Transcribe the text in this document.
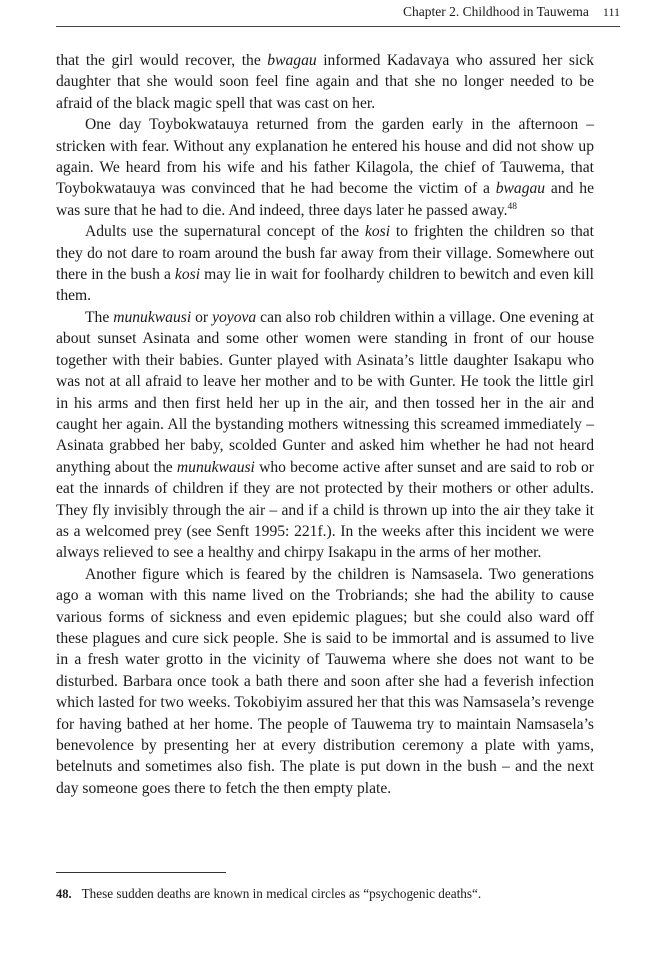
Chapter 2. Childhood in Tauwema 111

that the girl would recover, the bwagau informed Kadavaya who assured her sick daughter that she would soon feel fine again and that she no longer needed to be afraid of the black magic spell that was cast on her.

One day Toybokwatauya returned from the garden early in the afternoon – stricken with fear. Without any explanation he entered his house and did not show up again. We heard from his wife and his father Kilagola, the chief of Tauwema, that Toybokwatauya was convinced that he had become the victim of a bwagau and he was sure that he had to die. And indeed, three days later he passed away.$^{48}$

Adults use the supernatural concept of the kosi to frighten the children so that they do not dare to roam around the bush far away from their village. Somewhere out there in the bush a kosi may lie in wait for foolhardy children to bewitch and even kill them.

The munukwausi or yoyova can also rob children within a village. One evening at about sunset Asinata and some other women were standing in front of our house together with their babies. Gunter played with Asinata’s little daughter Isakapu who was not at all afraid to leave her mother and to be with Gunter. He took the little girl in his arms and then first held her up in the air, and then tossed her in the air and caught her again. All the bystanding mothers witnessing this screamed immediately – Asinata grabbed her baby, scolded Gunter and asked him whether he had not heard anything about the munukwausi who become active after sunset and are said to rob or eat the innards of children if they are not protected by their mothers or other adults. They fly invisibly through the air – and if a child is thrown up into the air they take it as a welcomed prey (see Senft 1995: 221f.). In the weeks after this incident we were always relieved to see a healthy and chirpy Isakapu in the arms of her mother.

Another figure which is feared by the children is Namsasela. Two generations ago a woman with this name lived on the Trobriands; she had the ability to cause various forms of sickness and even epidemic plagues; but she could also ward off these plagues and cure sick people. She is said to be immortal and is assumed to live in a fresh water grotto in the vicinity of Tauwema where she does not want to be disturbed. Barbara once took a bath there and soon after she had a feverish infection which lasted for two weeks. Tokobiyim assured her that this was Namsasela’s revenge for having bathed at her home. The people of Tauwema try to maintain Namsasela’s benevolence by presenting her at every distribution ceremony a plate with yams, betelnuts and sometimes also fish. The plate is put down in the bush – and the next day someone goes there to fetch the then empty plate.

48. These sudden deaths are known in medical circles as “psychogenic deaths“.
